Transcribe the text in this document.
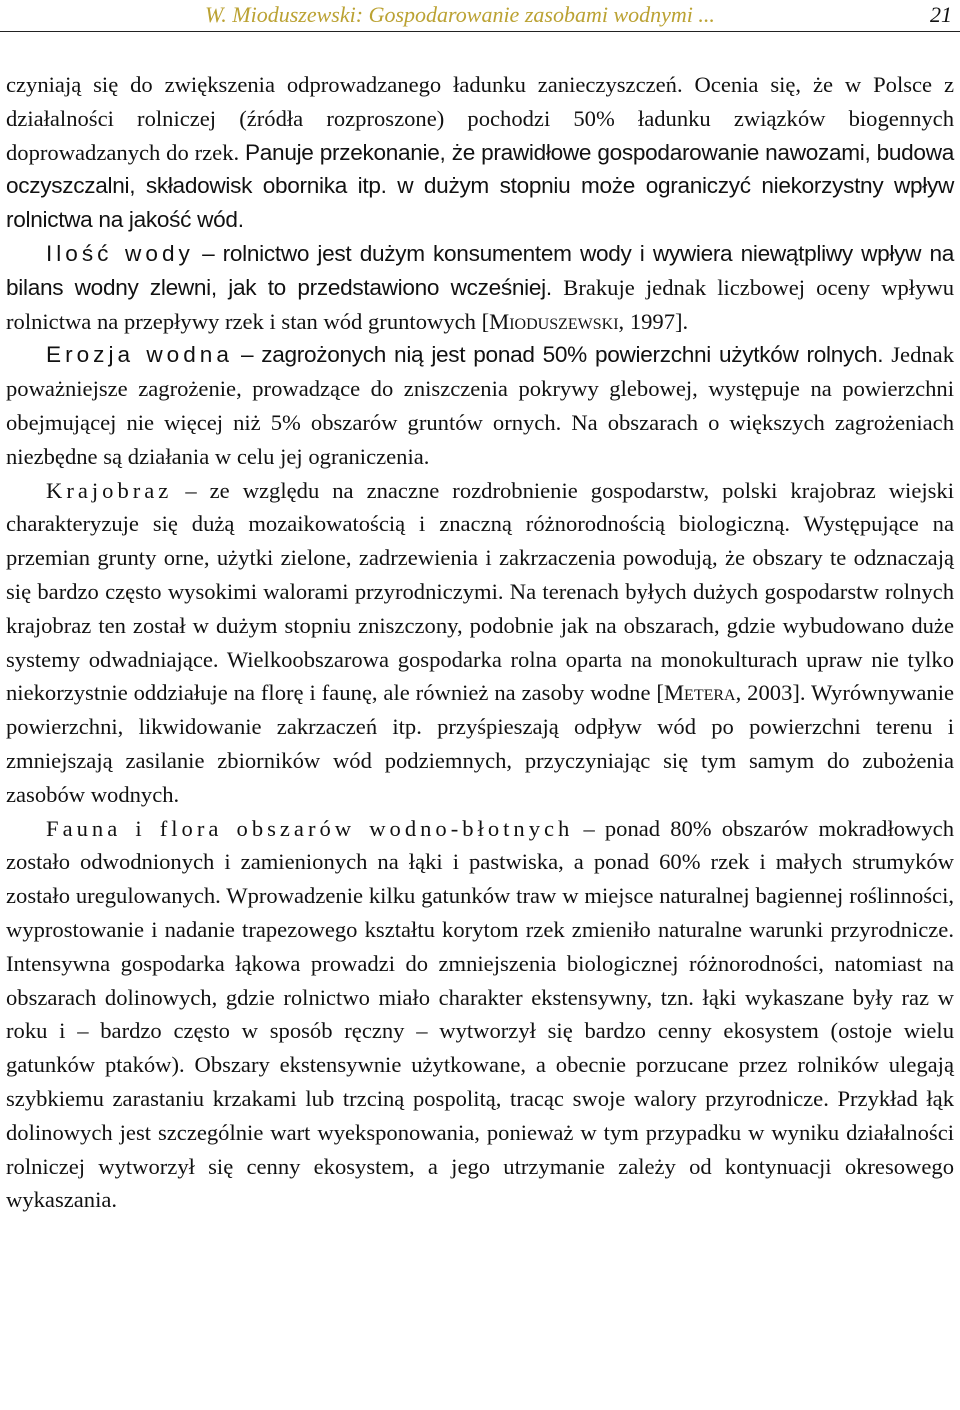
W. Mioduszewski: Gospodarowanie zasobami wodnymi ...	21

czyniają się do zwiększenia odprowadzanego ładunku zanieczyszczeń. Ocenia się, że w Polsce z działalności rolniczej (źródła rozproszone) pochodzi 50% ładunku związków biogennych doprowadzanych do rzek. Panuje przekonanie, że prawidłowe gospodarowanie nawozami, budowa oczyszczalni, składowisk obornika itp. w dużym stopniu może ograniczyć niekorzystny wpływ rolnictwa na jakość wód.

Ilość wody – rolnictwo jest dużym konsumentem wody i wywiera niewątpliwy wpływ na bilans wodny zlewni, jak to przedstawiono wcześniej. Brakuje jednak liczbowej oceny wpływu rolnictwa na przepływy rzek i stan wód gruntowych [Mioduszewski, 1997].

Erozja wodna – zagrożonych nią jest ponad 50% powierzchni użytków rolnych. Jednak poważniejsze zagrożenie, prowadzące do zniszczenia pokrywy glebowej, występuje na powierzchni obejmującej nie więcej niż 5% obszarów gruntów ornych. Na obszarach o większych zagrożeniach niezbędne są działania w celu jej ograniczenia.

Krajobraz – ze względu na znaczne rozdrobnienie gospodarstw, polski krajobraz wiejski charakteryzuje się dużą mozaikowatością i znaczną różnorodnością biologiczną. Występujące na przemian grunty orne, użytki zielone, zadrzewienia i zakrzaczenia powodują, że obszary te odznaczają się bardzo często wysokimi walorami przyrodniczymi. Na terenach byłych dużych gospodarstw rolnych krajobraz ten został w dużym stopniu zniszczony, podobnie jak na obszarach, gdzie wybudowano duże systemy odwadniające. Wielkoobszarowa gospodarka rolna oparta na monokulturach upraw nie tylko niekorzystnie oddziałuje na florę i faunę, ale również na zasoby wodne [Metera, 2003]. Wyrównywanie powierzchni, likwidowanie zakrzaczeń itp. przyśpieszają odpływ wód po powierzchni terenu i zmniejszają zasilanie zbiorników wód podziemnych, przyczyniając się tym samym do zubożenia zasobów wodnych.

Fauna i flora obszarów wodno-błotnych – ponad 80% obszarów mokradłowych zostało odwodnionych i zamienionych na łąki i pastwiska, a ponad 60% rzek i małych strumyków zostało uregulowanych. Wprowadzenie kilku gatunków traw w miejsce naturalnej bagiennej roślinności, wyprostowanie i nadanie trapezowego kształtu korytom rzek zmieniło naturalne warunki przyrodnicze. Intensywna gospodarka łąkowa prowadzi do zmniejszenia biologicznej różnorodności, natomiast na obszarach dolinowych, gdzie rolnictwo miało charakter ekstensywny, tzn. łąki wykaszane były raz w roku i – bardzo często w sposób ręczny – wytworzył się bardzo cenny ekosystem (ostoje wielu gatunków ptaków). Obszary ekstensywnie użytkowane, a obecnie porzucane przez rolników ulegają szybkiemu zarastaniu krzakami lub trzciną pospolitą, tracąc swoje walory przyrodnicze. Przykład łąk dolinowych jest szczególnie wart wyeksponowania, ponieważ w tym przypadku w wyniku działalności rolniczej wytworzył się cenny ekosystem, a jego utrzymanie zależy od kontynuacji okresowego wykaszania.
